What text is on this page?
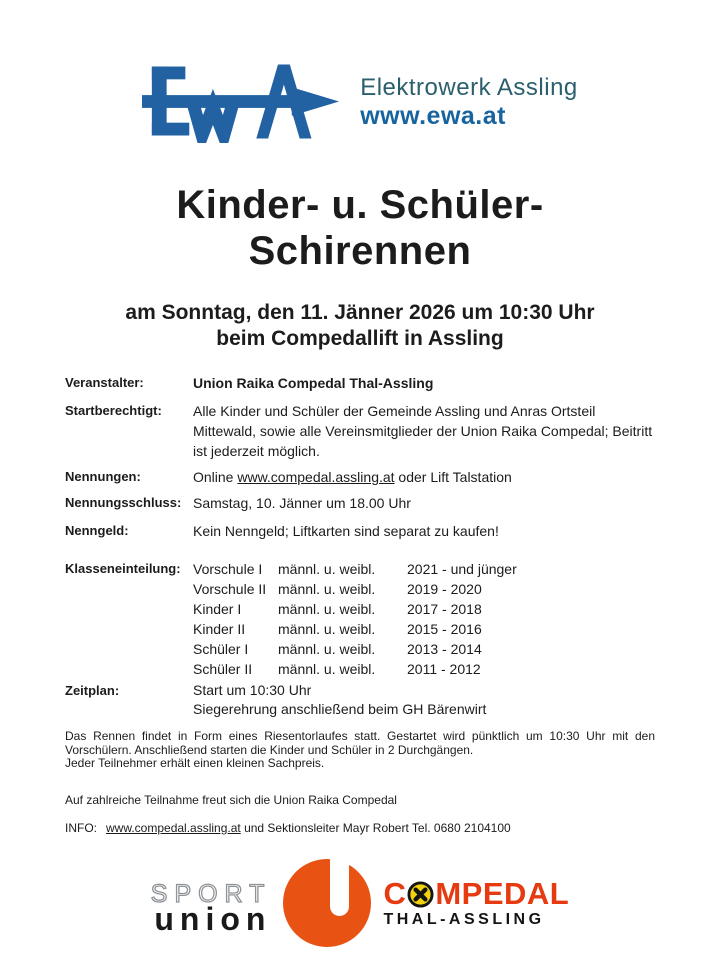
Elektrowerk Assling
www.ewa.at
Kinder- u. Schüler-
Schirennen
am Sonntag, den 11. Jänner 2026 um 10:30 Uhr
beim Compedallift in Assling
Veranstalter:	Union Raika Compedal Thal-Assling
Startberechtigt:	Alle Kinder und Schüler der Gemeinde Assling und Anras Ortsteil Mittewald, sowie alle Vereinsmitglieder der Union Raika Compedal; Beitritt ist jederzeit möglich.
Nennungen:	Online www.compedal.assling.at oder Lift Talstation
Nennungsschluss: Samstag, 10. Jänner um 18.00 Uhr
Nenngeld:	Kein Nenngeld; Liftkarten sind separat zu kaufen!
Klasseneinteilung: Vorschule I	männl. u. weibl.	2021 - und jünger
Vorschule II männl. u. weibl.	2019 - 2020
Kinder I	männl. u. weibl.	2017 - 2018
Kinder II	männl. u. weibl.	2015 - 2016
Schüler I	männl. u. weibl.	2013 - 2014
Schüler II	männl. u. weibl.	2011 - 2012
Zeitplan:	Start um 10:30 Uhr
Siegerehrung anschließend beim GH Bärenwirt

Das Rennen findet in Form eines Riesentorlaufes statt. Gestartet wird pünktlich um 10:30 Uhr mit den Vorschülern. Anschließend starten die Kinder und Schüler in 2 Durchgängen.

Jeder Teilnehmer erhält einen kleinen Sachpreis.

Auf zahlreiche Teilnahme freut sich die Union Raika Compedal

INFO: www.compedal.assling.at und Sektionsleiter Mayr Robert Tel. 0680 2104100

SPORT
union
C MPEDAL
THAL-ASSLING
